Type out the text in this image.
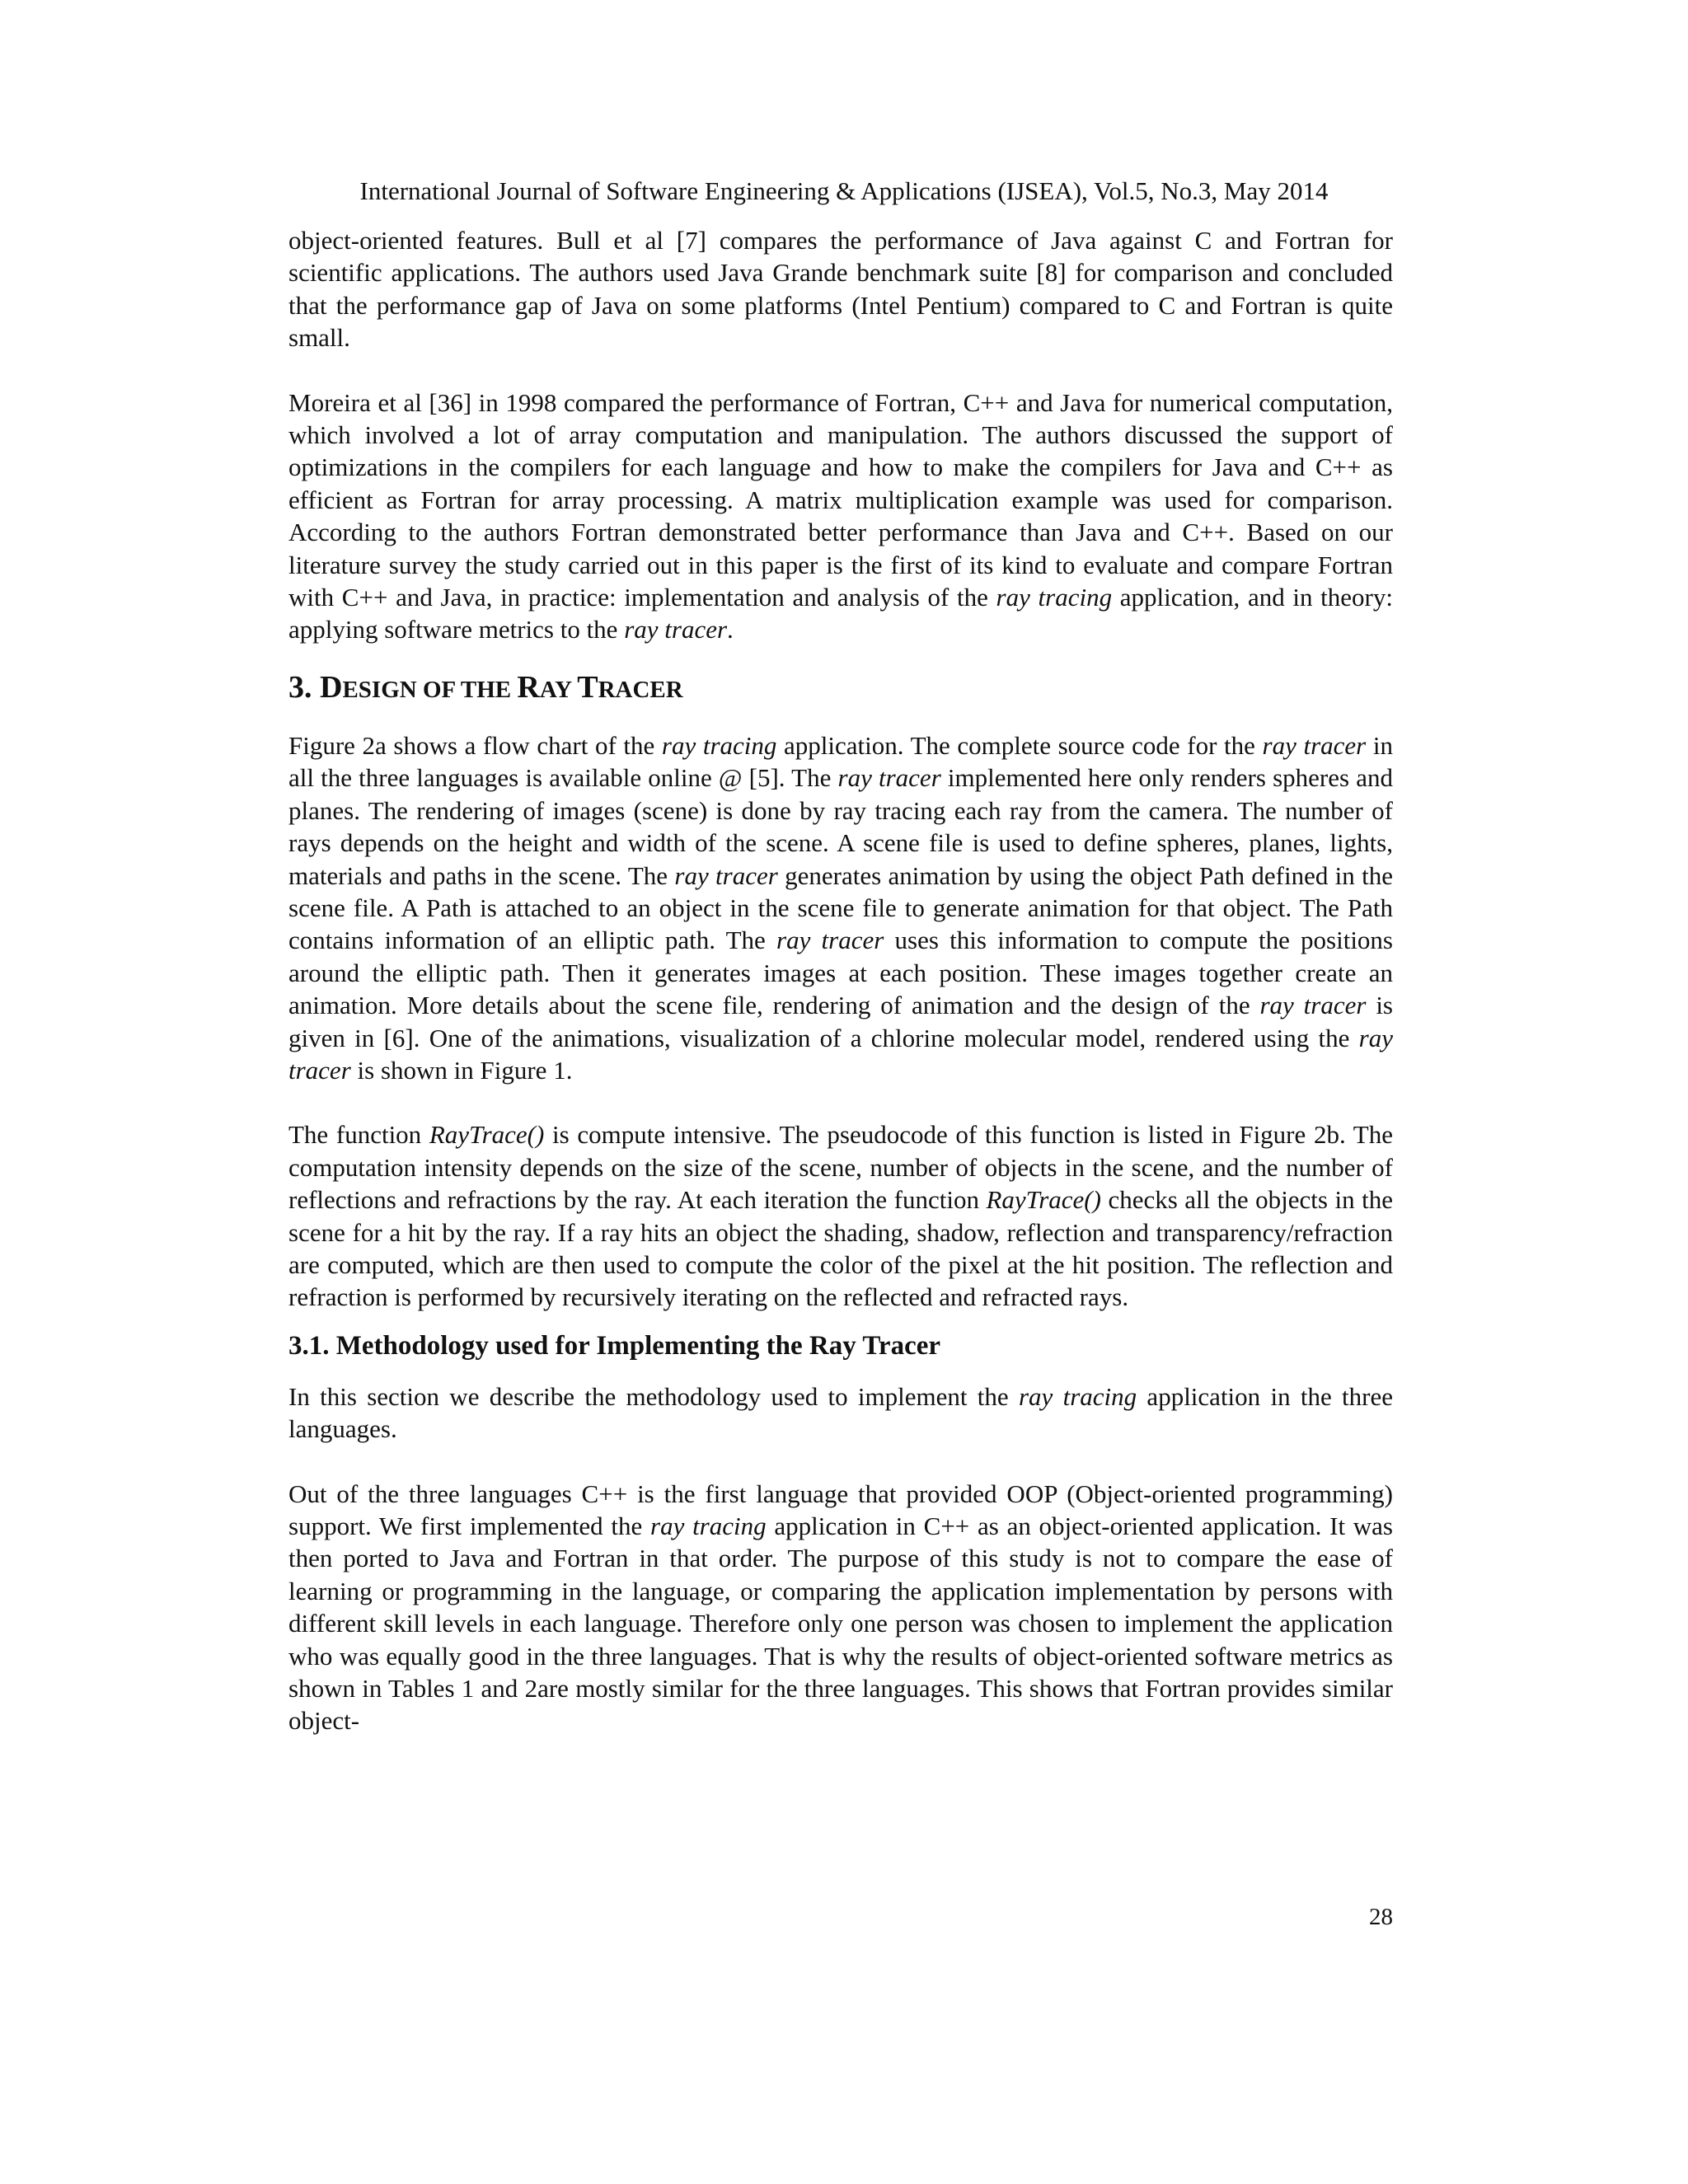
International Journal of Software Engineering & Applications (IJSEA), Vol.5, No.3, May 2014

object-oriented features. Bull et al [7] compares the performance of Java against C and Fortran for scientific applications. The authors used Java Grande benchmark suite [8] for comparison and concluded that the performance gap of Java on some platforms (Intel Pentium) compared to C and Fortran is quite small.

Moreira et al [36] in 1998 compared the performance of Fortran, C++ and Java for numerical computation, which involved a lot of array computation and manipulation. The authors discussed the support of optimizations in the compilers for each language and how to make the compilers for Java and C++ as efficient as Fortran for array processing. A matrix multiplication example was used for comparison. According to the authors Fortran demonstrated better performance than Java and C++. Based on our literature survey the study carried out in this paper is the first of its kind to evaluate and compare Fortran with C++ and Java, in practice: implementation and analysis of the ray tracing application, and in theory: applying software metrics to the ray tracer.

3. DESIGN OF THE RAY TRACER

Figure 2a shows a flow chart of the ray tracing application. The complete source code for the ray tracer in all the three languages is available online @ [5]. The ray tracer implemented here only renders spheres and planes. The rendering of images (scene) is done by ray tracing each ray from the camera. The number of rays depends on the height and width of the scene. A scene file is used to define spheres, planes, lights, materials and paths in the scene. The ray tracer generates animation by using the object Path defined in the scene file. A Path is attached to an object in the scene file to generate animation for that object. The Path contains information of an elliptic path. The ray tracer uses this information to compute the positions around the elliptic path. Then it generates images at each position. These images together create an animation. More details about the scene file, rendering of animation and the design of the ray tracer is given in [6]. One of the animations, visualization of a chlorine molecular model, rendered using the ray tracer is shown in Figure 1.

The function RayTrace() is compute intensive. The pseudocode of this function is listed in Figure 2b. The computation intensity depends on the size of the scene, number of objects in the scene, and the number of reflections and refractions by the ray. At each iteration the function RayTrace() checks all the objects in the scene for a hit by the ray. If a ray hits an object the shading, shadow, reflection and transparency/refraction are computed, which are then used to compute the color of the pixel at the hit position. The reflection and refraction is performed by recursively iterating on the reflected and refracted rays.

3.1. Methodology used for Implementing the Ray Tracer

In this section we describe the methodology used to implement the ray tracing application in the three languages.

Out of the three languages C++ is the first language that provided OOP (Object-oriented programming) support. We first implemented the ray tracing application in C++ as an object-oriented application. It was then ported to Java and Fortran in that order. The purpose of this study is not to compare the ease of learning or programming in the language, or comparing the application implementation by persons with different skill levels in each language. Therefore only one person was chosen to implement the application who was equally good in the three languages. That is why the results of object-oriented software metrics as shown in Tables 1 and 2are mostly similar for the three languages. This shows that Fortran provides similar object-

28
